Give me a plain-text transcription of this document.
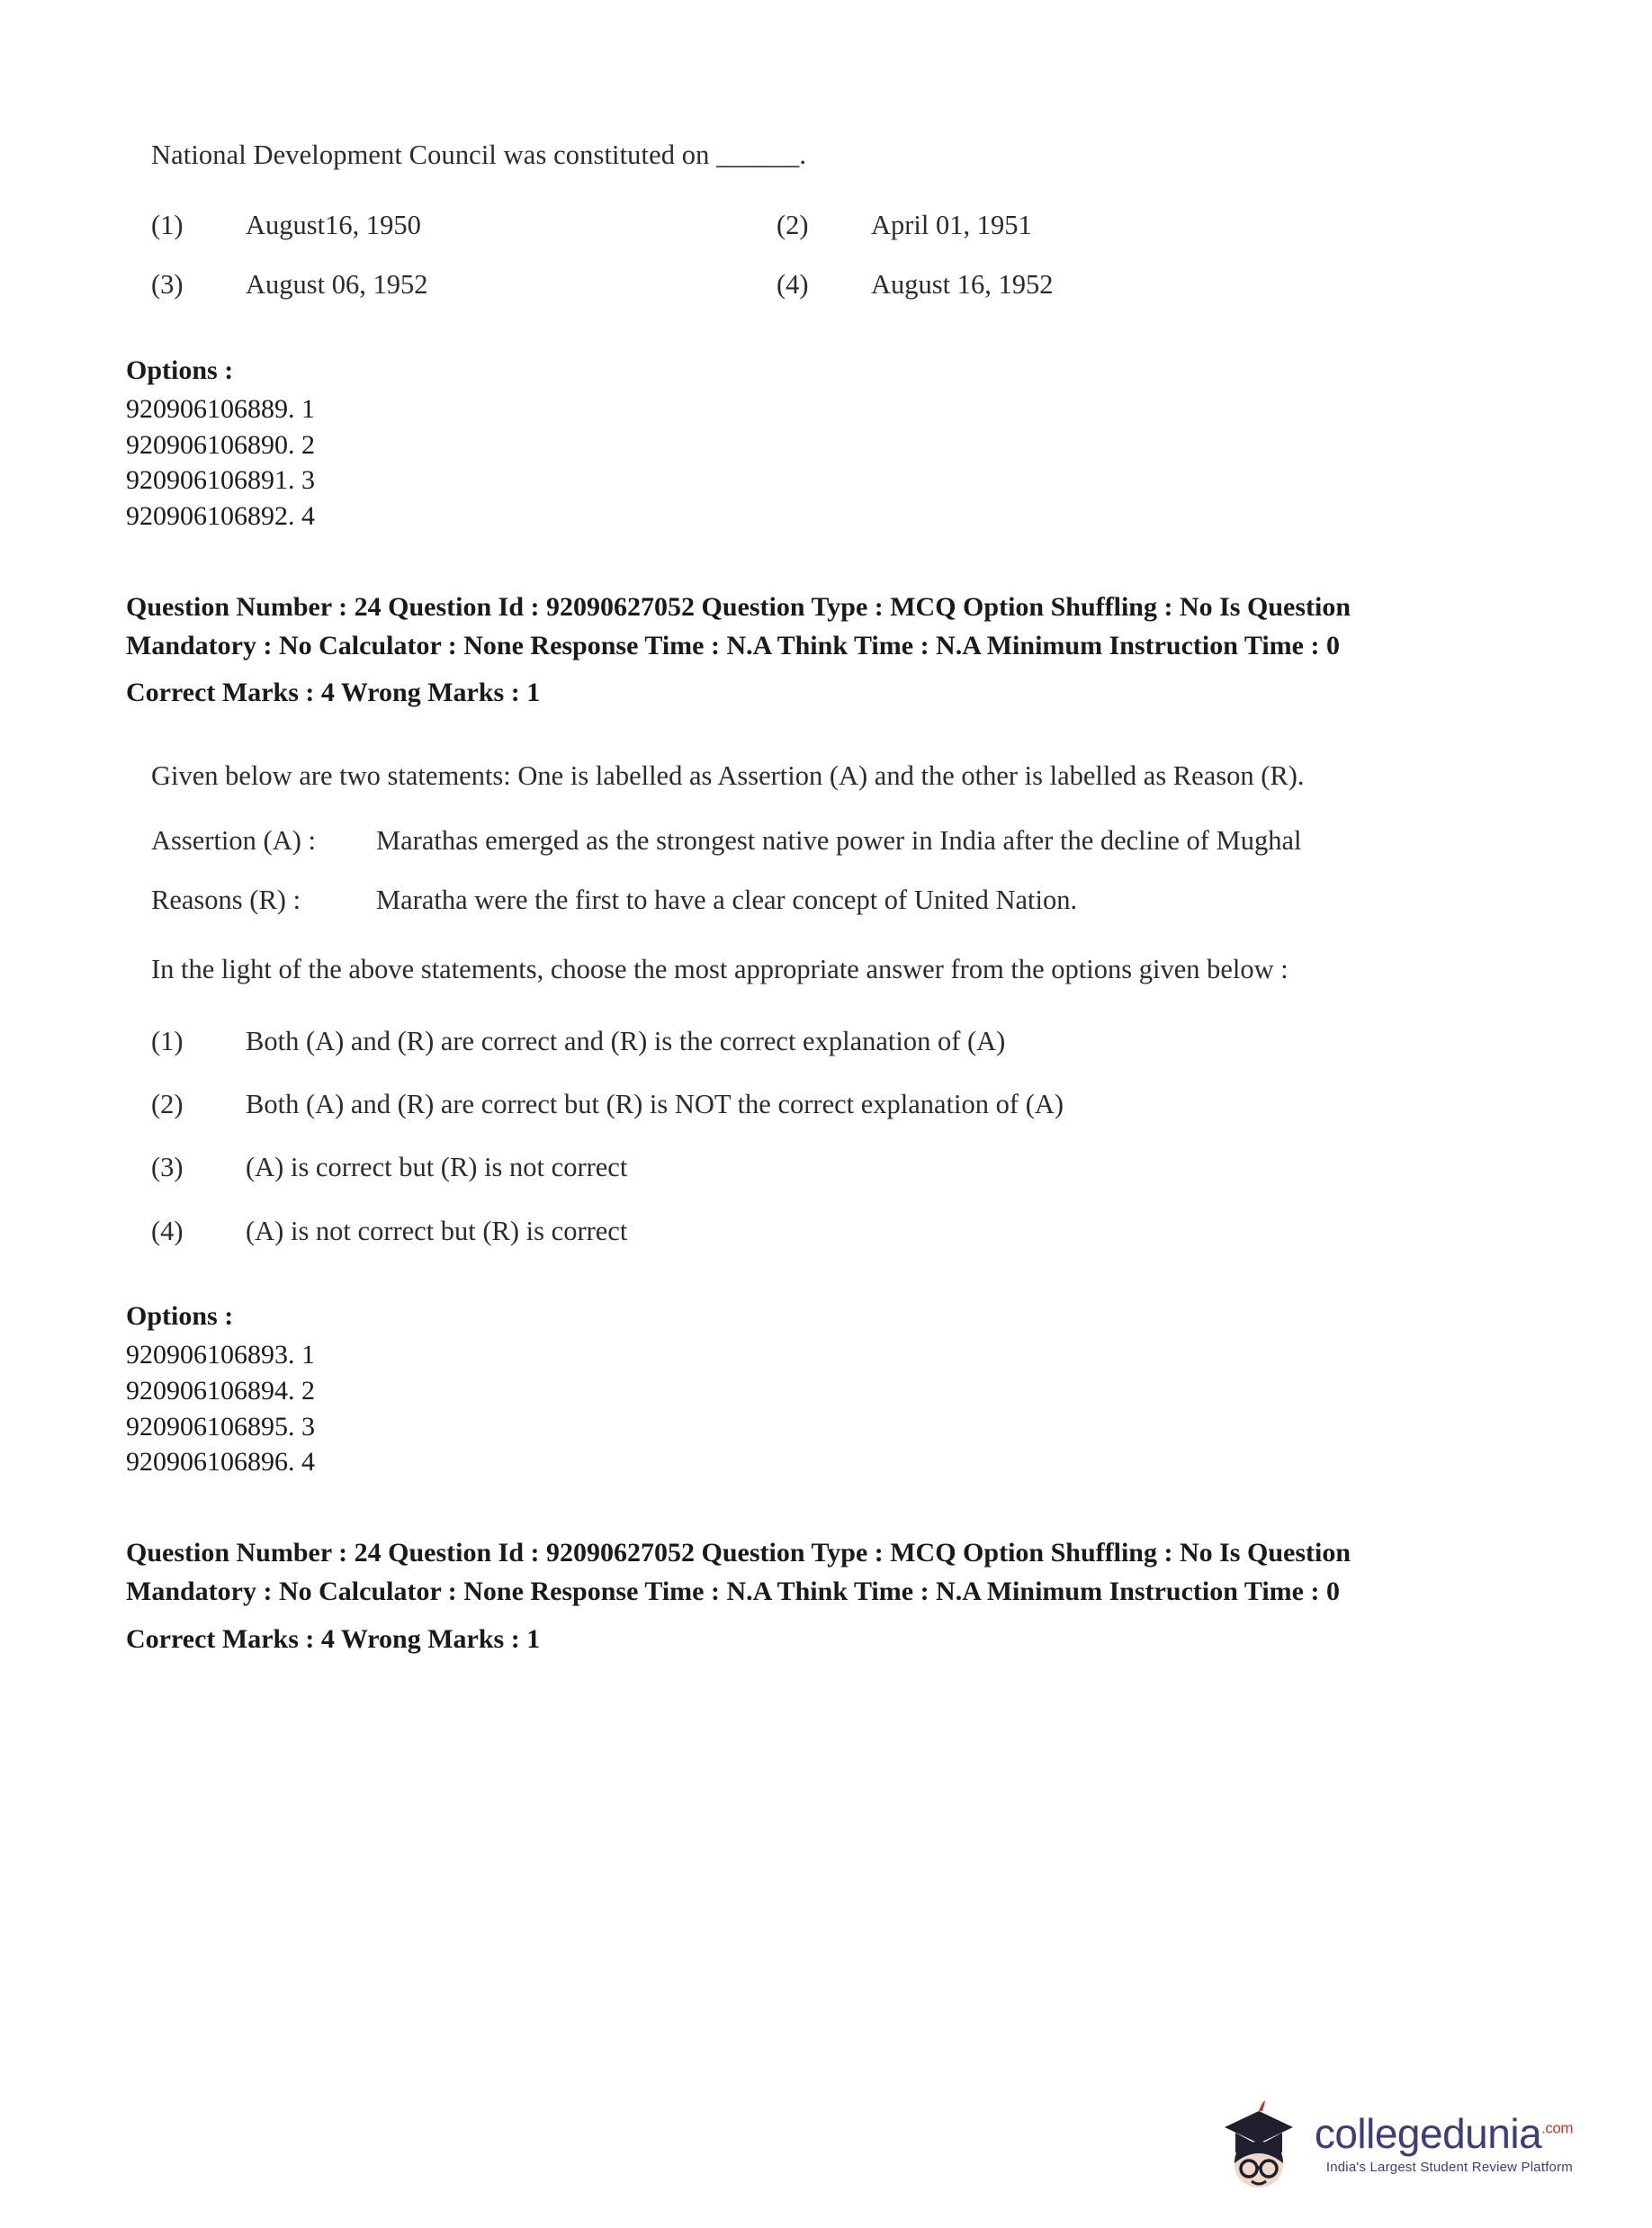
National Development Council was constituted on ______.
(1)	August16, 1950	(2)	April 01, 1951
(3)	August 06, 1952	(4)	August 16, 1952
Options :
920906106889. 1
920906106890. 2
920906106891. 3
920906106892. 4
Question Number : 24 Question Id : 92090627052 Question Type : MCQ Option Shuffling : No Is Question Mandatory : No Calculator : None Response Time : N.A Think Time : N.A Minimum Instruction Time : 0
Correct Marks : 4 Wrong Marks : 1
Given below are two statements: One is labelled as Assertion (A) and the other is labelled as Reason (R).
Assertion (A) :	Marathas emerged as the strongest native power in India after the decline of Mughal
Reasons (R) :	Maratha were the first to have a clear concept of United Nation.
In the light of the above statements, choose the most appropriate answer from the options given below :
(1)	Both (A) and (R) are correct and (R) is the correct explanation of (A)
(2)	Both (A) and (R) are correct but (R) is NOT the correct explanation of (A)
(3)	(A) is correct but (R) is not correct
(4)	(A) is not correct but (R) is correct
Options :
920906106893. 1
920906106894. 2
920906106895. 3
920906106896. 4
Question Number : 24 Question Id : 92090627052 Question Type : MCQ Option Shuffling : No Is Question Mandatory : No Calculator : None Response Time : N.A Think Time : N.A Minimum Instruction Time : 0
Correct Marks : 4 Wrong Marks : 1
collegedunia$^{.com}$
India's Largest Student Review Platform
